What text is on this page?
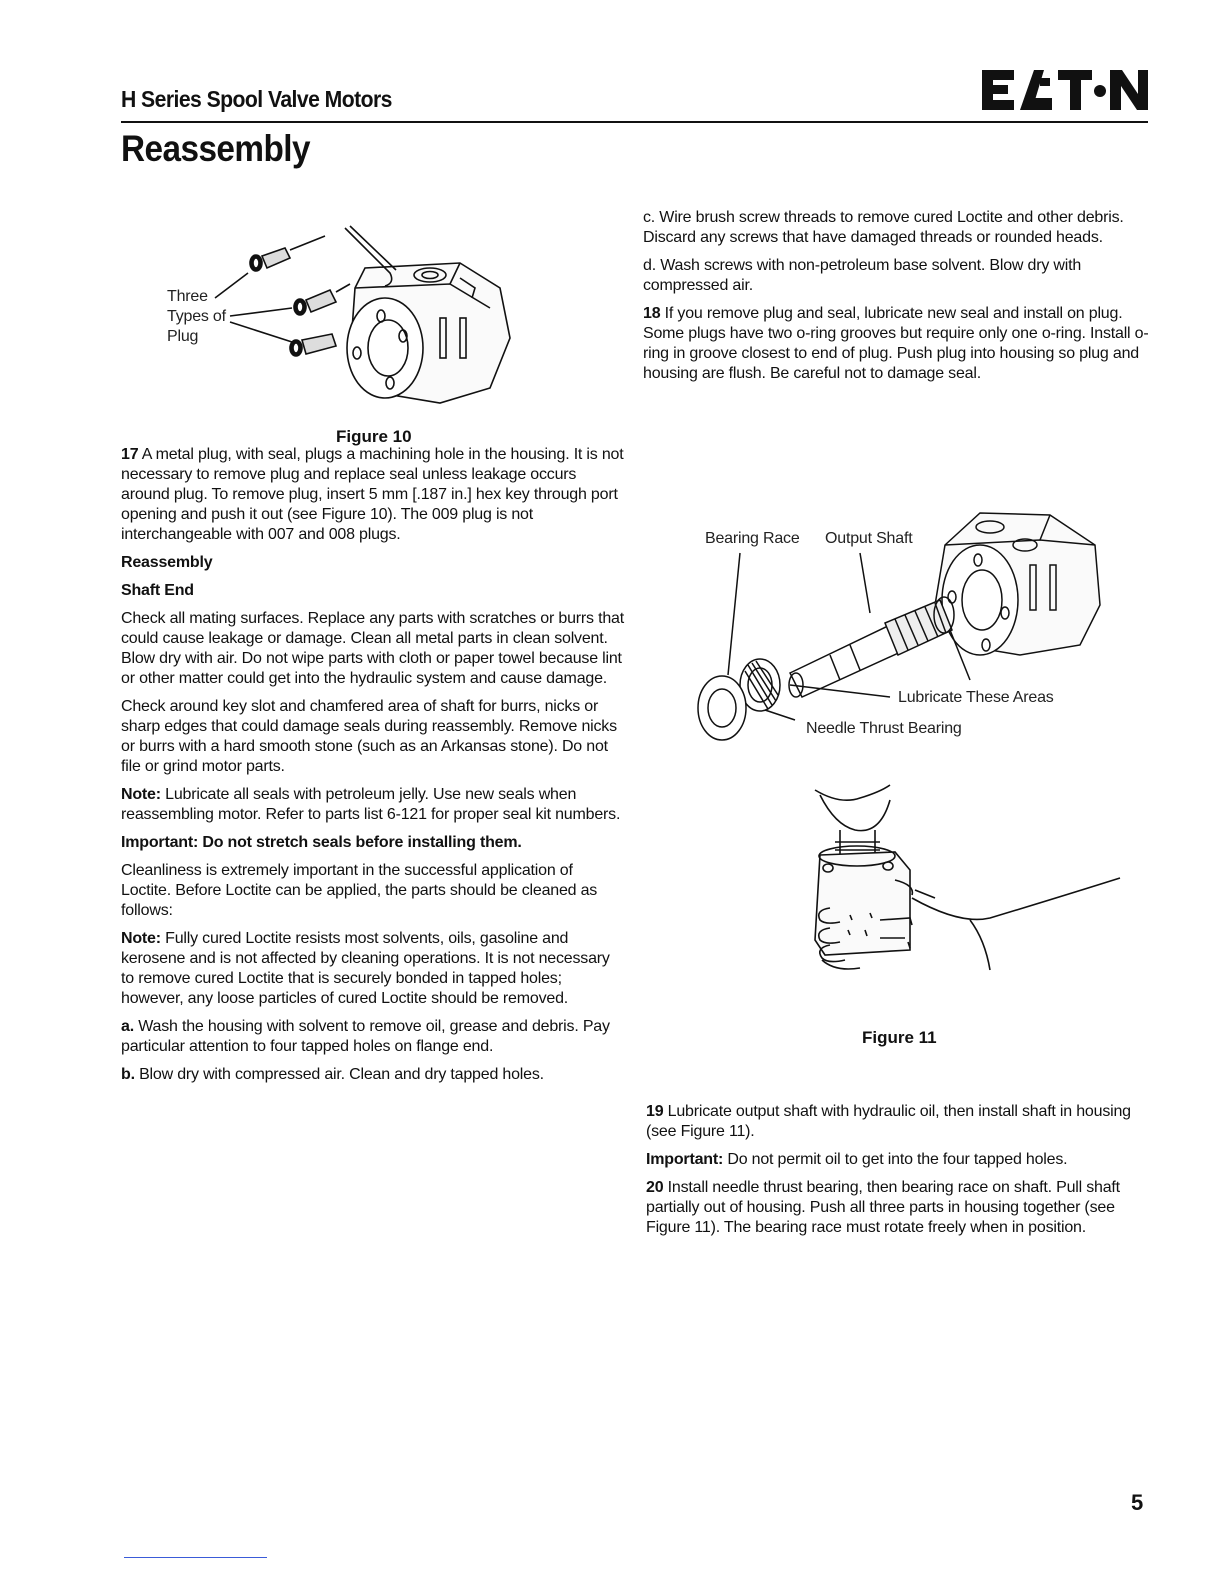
H Series Spool Valve Motors
Reassembly
Three
Types of
Plug
Figure 10

17 A metal plug, with seal, plugs a machining hole in the housing. It is not necessary to remove plug and replace seal unless leakage occurs around plug. To remove plug, insert 5 mm [.187 in.] hex key through port opening and push it out (see Figure 10). The 009 plug is not interchangeable with 007 and 008 plugs.

Reassembly
Shaft End

Check all mating surfaces. Replace any parts with scratches or burrs that could cause leakage or damage. Clean all metal parts in clean solvent. Blow dry with air. Do not wipe parts with cloth or paper towel because lint or other matter could get into the hydraulic system and cause damage.

Check around key slot and chamfered area of shaft for burrs, nicks or sharp edges that could damage seals during reassembly. Remove nicks or burrs with a hard smooth stone (such as an Arkansas stone). Do not file or grind motor parts.

Note: Lubricate all seals with petroleum jelly. Use new seals when reassembling motor. Refer to parts list 6-121 for proper seal kit numbers.

Important: Do not stretch seals before installing them.

Cleanliness is extremely important in the successful application of Loctite. Before Loctite can be applied, the parts should be cleaned as follows:

Note: Fully cured Loctite resists most solvents, oils, gasoline and kerosene and is not affected by cleaning operations. It is not necessary to remove cured Loctite that is securely bonded in tapped holes; however, any loose particles of cured Loctite should be removed.

a. Wash the housing with solvent to remove oil, grease and debris. Pay particular attention to four tapped holes on flange end.

b. Blow dry with compressed air. Clean and dry tapped holes.

c. Wire brush screw threads to remove cured Loctite and other debris. Discard any screws that have damaged threads or rounded heads.

d. Wash screws with non-petroleum base solvent. Blow dry with compressed air.

18 If you remove plug and seal, lubricate new seal and install on plug. Some plugs have two o-ring grooves but require only one o-ring. Install o-ring in groove closest to end of plug. Push plug into housing so plug and housing are flush. Be careful not to damage seal.

Bearing Race Output Shaft
Lubricate These Areas
Needle Thrust Bearing
Figure 11

19 Lubricate output shaft with hydraulic oil, then install shaft in housing (see Figure 11).

Important: Do not permit oil to get into the four tapped holes.

20 Install needle thrust bearing, then bearing race on shaft. Pull shaft partially out of housing. Push all three parts in housing together (see Figure 11). The bearing race must rotate freely when in position.

5
